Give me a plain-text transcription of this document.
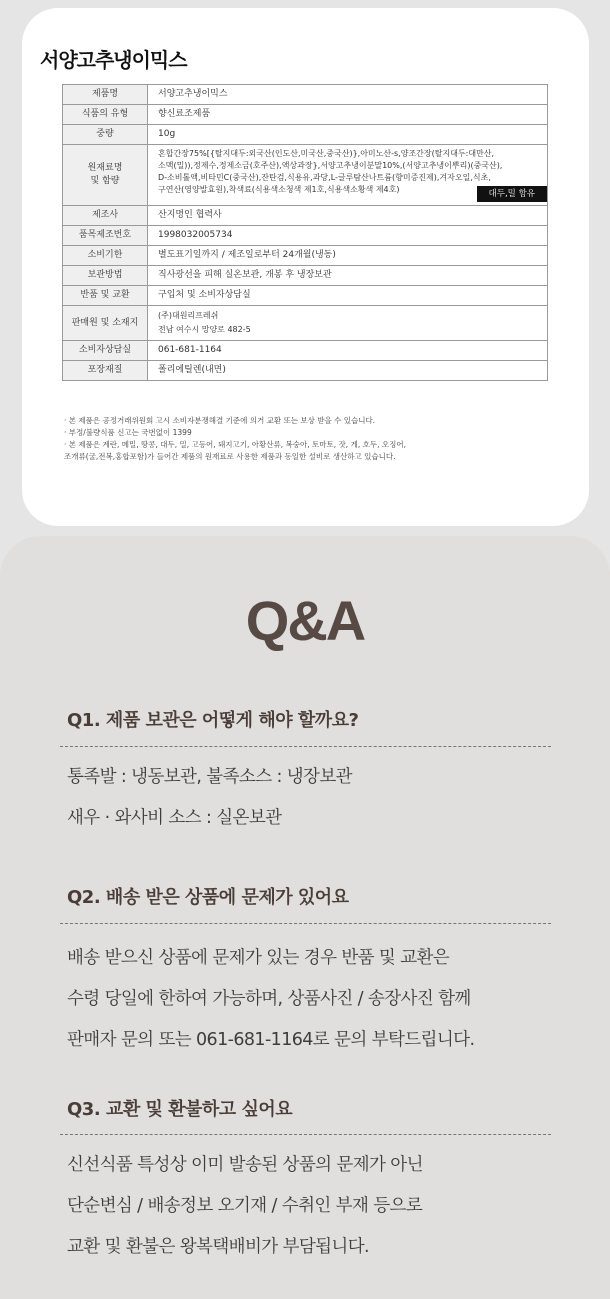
서양고추냉이믹스
제품명	서양고추냉이믹스
식품의 유형	향신료조제품
중량	10g
원재료명
및 함량	혼합간장75%[{탈지대두:외국산(인도산,미국산,중국산)},아미노산-s,양조간장(탈지대두:대만산,
소맥(밀)),정제수,정제소금(호주산),액상과장},서양고추냉이분말10%,(서양고추냉이뿌리)(중국산),
D-소비톨액,비타민C(중국산),잔탄검,식용유,과당,L-글루탐산나트륨(향미증진제),겨자오일,식초,
구연산(영양발효원),착색료(식용색소청색 제1호,식용색소황색 제4호) 대두,밀 함유

제조사	산지명인 협력사
품목제조번호	1998032005734
소비기한	별도표기일까지 / 제조일로부터 24개월(냉동)
보관방법	직사광선을 피해 실온보관, 개봉 후 냉장보관
반품 및 교환	구입처 및 소비자상담실
판매원 및 소재지	(주)대원리프레쉬
전남 여수시 망양로 482-5
소비자상담실	061-681-1164
포장재질	폴리에틸렌(내면)
· 본 제품은 공정거래위원회 고시 소비자분쟁해결 기준에 의거 교환 또는 보상 받을 수 있습니다.
· 부정/불량식품 신고는 국번없이 1399
· 본 제품은 계란, 메밀, 땅콩, 대두, 밀, 고등어, 돼지고기, 아황산류, 복숭아, 토마토, 잣, 게, 호두, 오징어,
조개류(굴,전복,홍합포함)가 들어간 제품의 원재료로 사용한 제품과 동일한 설비로 생산하고 있습니다.
Q&A
Q1. 제품 보관은 어떻게 해야 할까요?
통족발 : 냉동보관, 불족소스 : 냉장보관
새우 · 와사비 소스 : 실온보관
Q2. 배송 받은 상품에 문제가 있어요
배송 받으신 상품에 문제가 있는 경우 반품 및 교환은
수령 당일에 한하여 가능하며, 상품사진 / 송장사진 함께
판매자 문의 또는 061-681-1164로 문의 부탁드립니다.
Q3. 교환 및 환불하고 싶어요
신선식품 특성상 이미 발송된 상품의 문제가 아닌
단순변심 / 배송정보 오기재 / 수취인 부재 등으로
교환 및 환불은 왕복택배비가 부담됩니다.
